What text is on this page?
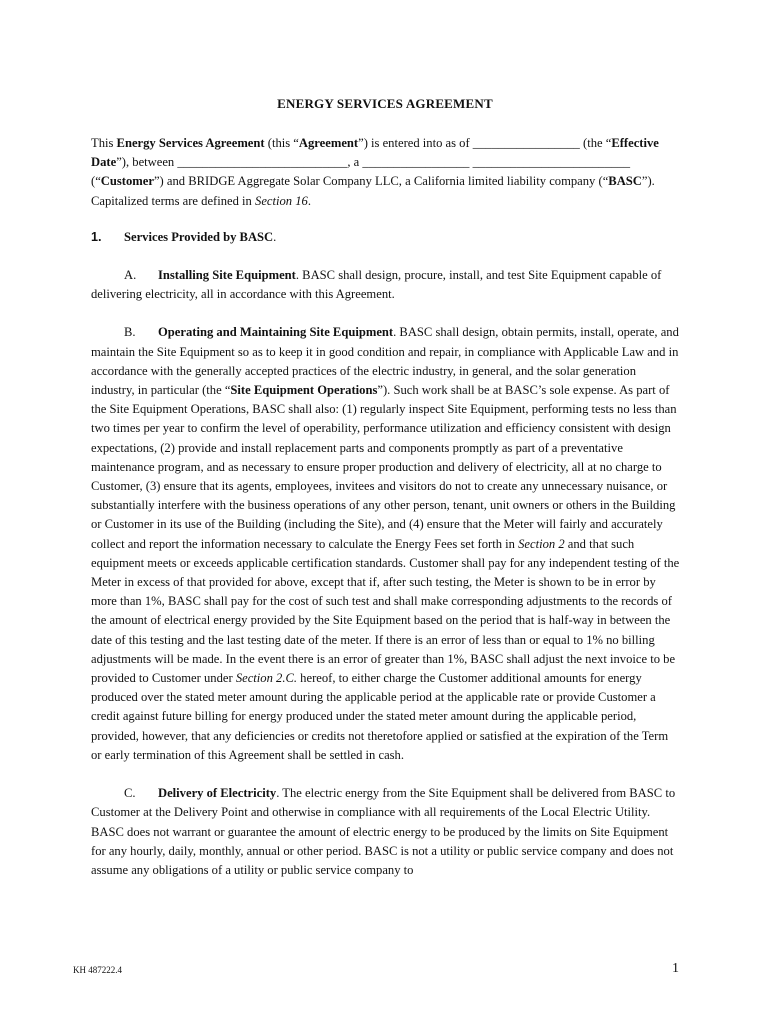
ENERGY SERVICES AGREEMENT

This Energy Services Agreement (this “Agreement”) is entered into as of _________________ (the “Effective Date”), between ___________________________, a _________________ _________________________ (“Customer”) and BRIDGE Aggregate Solar Company LLC, a California limited liability company (“BASC”). Capitalized terms are defined in Section 16.

1. Services Provided by BASC.

A. Installing Site Equipment. BASC shall design, procure, install, and test Site Equipment capable of delivering electricity, all in accordance with this Agreement.

B. Operating and Maintaining Site Equipment. BASC shall design, obtain permits, install, operate, and maintain the Site Equipment so as to keep it in good condition and repair, in compliance with Applicable Law and in accordance with the generally accepted practices of the electric industry, in general, and the solar generation industry, in particular (the “Site Equipment Operations”). Such work shall be at BASC’s sole expense. As part of the Site Equipment Operations, BASC shall also: (1) regularly inspect Site Equipment, performing tests no less than two times per year to confirm the level of operability, performance utilization and efficiency consistent with design expectations, (2) provide and install replacement parts and components promptly as part of a preventative maintenance program, and as necessary to ensure proper production and delivery of electricity, all at no charge to Customer, (3) ensure that its agents, employees, invitees and visitors do not to create any unnecessary nuisance, or substantially interfere with the business operations of any other person, tenant, unit owners or others in the Building or Customer in its use of the Building (including the Site), and (4) ensure that the Meter will fairly and accurately collect and report the information necessary to calculate the Energy Fees set forth in Section 2 and that such equipment meets or exceeds applicable certification standards. Customer shall pay for any independent testing of the Meter in excess of that provided for above, except that if, after such testing, the Meter is shown to be in error by more than 1%, BASC shall pay for the cost of such test and shall make corresponding adjustments to the records of the amount of electrical energy provided by the Site Equipment based on the period that is half-way in between the date of this testing and the last testing date of the meter. If there is an error of less than or equal to 1% no billing adjustments will be made. In the event there is an error of greater than 1%, BASC shall adjust the next invoice to be provided to Customer under Section 2.C. hereof, to either charge the Customer additional amounts for energy produced over the stated meter amount during the applicable period at the applicable rate or provide Customer a credit against future billing for energy produced under the stated meter amount during the applicable period, provided, however, that any deficiencies or credits not theretofore applied or satisfied at the expiration of the Term or early termination of this Agreement shall be settled in cash.

C. Delivery of Electricity. The electric energy from the Site Equipment shall be delivered from BASC to Customer at the Delivery Point and otherwise in compliance with all requirements of the Local Electric Utility. BASC does not warrant or guarantee the amount of electric energy to be produced by the limits on Site Equipment for any hourly, daily, monthly, annual or other period. BASC is not a utility or public service company and does not assume any obligations of a utility or public service company to

KH 487222.4	1
